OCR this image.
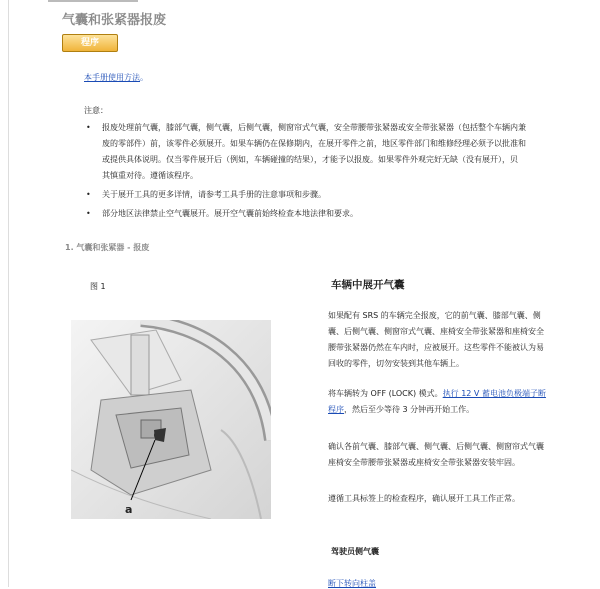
气囊和张紧器报废
程序
本手册使用方法。
注意：
• 报废处理前气囊，膝部气囊，侧气囊，后侧气囊，侧窗帘式气囊，安全带腰带张紧器或安全带张紧器（包括整个车辆内兼
废的零部件）前，该零件必须展开。如果车辆仍在保修期内，在展开零件之前，地区零件部门和维修经理必须予以批准和
或提供具体说明。仅当零件展开后（例如，车辆碰撞的结果），才能予以报废。如果零件外观完好无缺（没有展开），贝
其慎重对待。遵循该程序。
• 关于展开工具的更多详情，请参考工具手册的注意事项和步骤。
• 部分地区法律禁止空气囊展开。展开空气囊前始终检查本地法律和要求。
1. 气囊和张紧器 - 报废
图 1
a
车辆中展开气囊
如果配有 SRS 的车辆完全报废，它的前气囊、膝部气囊、侧
囊、后侧气囊、侧窗帘式气囊、座椅安全带张紧器和座椅安全
腰带张紧器仍然在车内时，应被展开。这些零件不能被认为易
回收的零件，切勿安装到其他车辆上。
将车辆转为 OFF (LOCK) 模式。执行 12 V 蓄电池负极端子断
程序，然后至少等待 3 分钟再开始工作。
确认各前气囊、膝部气囊、侧气囊、后侧气囊、侧窗帘式气囊
座椅安全带腰带张紧器或座椅安全带张紧器安装牢固。
遵循工具标签上的检查程序，确认展开工具工作正常。
驾驶员侧气囊
断下转向柱盖
